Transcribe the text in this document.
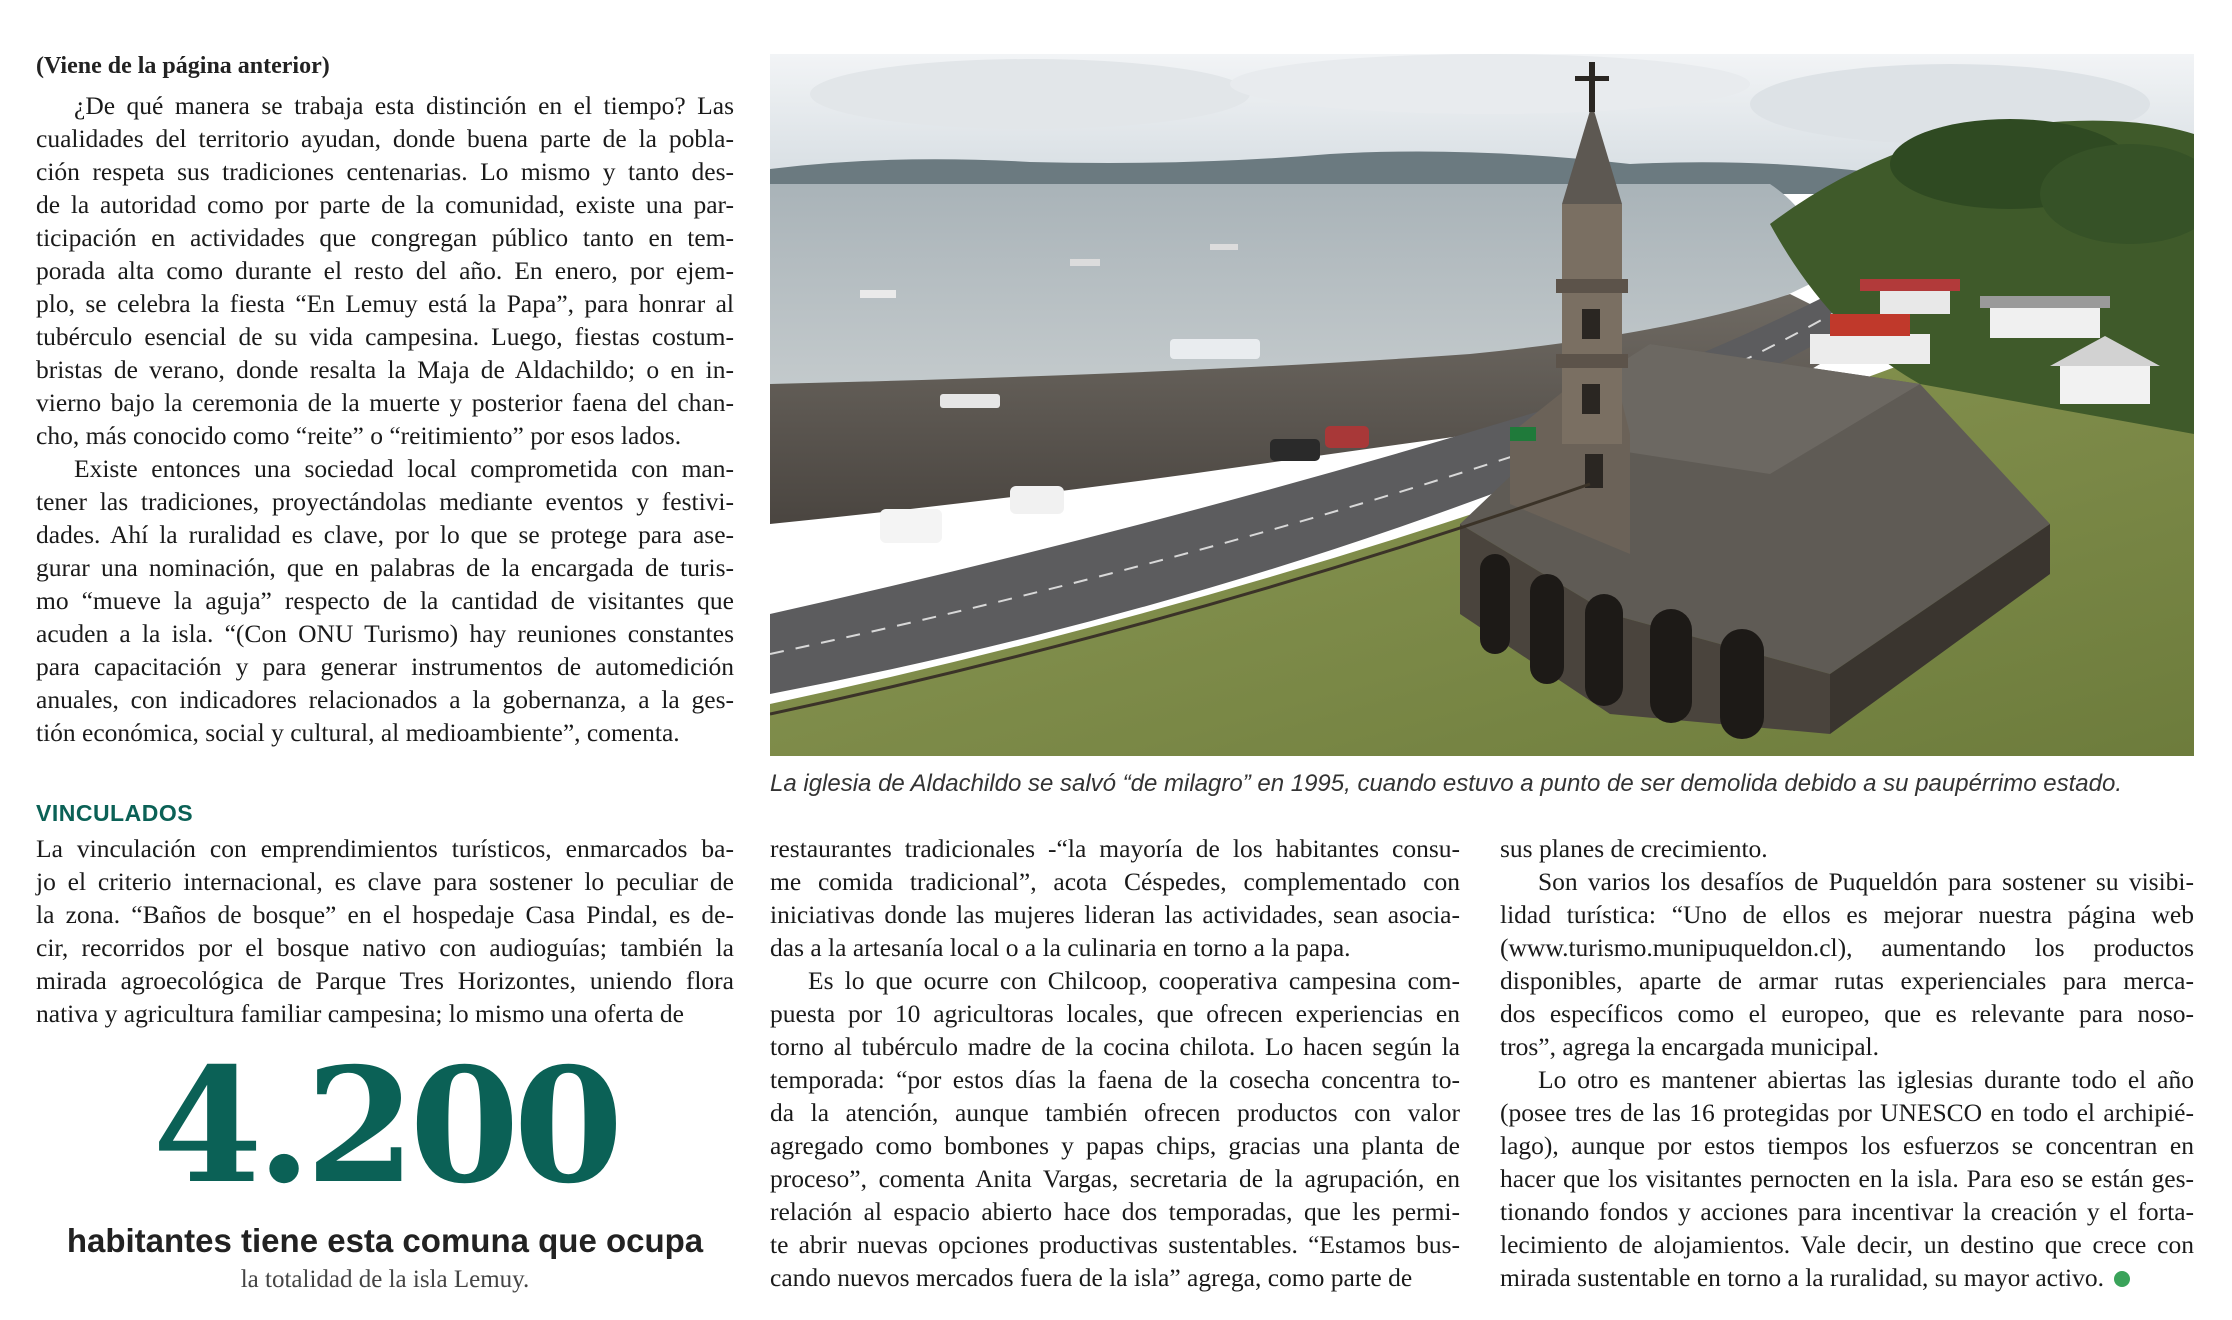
(Viene de la página anterior)

¿De qué manera se trabaja esta distinción en el tiempo? Las
cualidades del territorio ayudan, donde buena parte de la pobla-
ción respeta sus tradiciones centenarias. Lo mismo y tanto des-
de la autoridad como por parte de la comunidad, existe una par-
ticipación en actividades que congregan público tanto en tem-
porada alta como durante el resto del año. En enero, por ejem-
plo, se celebra la fiesta “En Lemuy está la Papa”, para honrar al
tubérculo esencial de su vida campesina. Luego, fiestas costum-
bristas de verano, donde resalta la Maja de Aldachildo; o en in-
vierno bajo la ceremonia de la muerte y posterior faena del chan-
cho, más conocido como “reite” o “reitimiento” por esos lados.

Existe entonces una sociedad local comprometida con man-
tener las tradiciones, proyectándolas mediante eventos y festivi-
dades. Ahí la ruralidad es clave, por lo que se protege para ase-
gurar una nominación, que en palabras de la encargada de turis-
mo “mueve la aguja” respecto de la cantidad de visitantes que
acuden a la isla. “(Con ONU Turismo) hay reuniones constantes
para capacitación y para generar instrumentos de automedición
anuales, con indicadores relacionados a la gobernanza, a la ges-
tión económica, social y cultural, al medioambiente”, comenta.

VINCULADOS

La vinculación con emprendimientos turísticos, enmarcados ba-
jo el criterio internacional, es clave para sostener lo peculiar de
la zona. “Baños de bosque” en el hospedaje Casa Pindal, es de-
cir, recorridos por el bosque nativo con audioguías; también la
mirada agroecológica de Parque Tres Horizontes, uniendo flora
nativa y agricultura familiar campesina; lo mismo una oferta de

4.200
habitantes tiene esta comuna que ocupa
la totalidad de la isla Lemuy.
La iglesia de Aldachildo se salvó “de milagro” en 1995, cuando estuvo a punto de ser demolida debido a su paupérrimo estado.

restaurantes tradicionales -“la mayoría de los habitantes consu-
me comida tradicional”, acota Céspedes, complementado con
iniciativas donde las mujeres lideran las actividades, sean asocia-
das a la artesanía local o a la culinaria en torno a la papa.

Es lo que ocurre con Chilcoop, cooperativa campesina com-
puesta por 10 agricultoras locales, que ofrecen experiencias en
torno al tubérculo madre de la cocina chilota. Lo hacen según la
temporada: “por estos días la faena de la cosecha concentra to-
da la atención, aunque también ofrecen productos con valor
agregado como bombones y papas chips, gracias una planta de
proceso”, comenta Anita Vargas, secretaria de la agrupación, en
relación al espacio abierto hace dos temporadas, que les permi-
te abrir nuevas opciones productivas sustentables. “Estamos bus-
cando nuevos mercados fuera de la isla” agrega, como parte de

sus planes de crecimiento.

Son varios los desafíos de Puqueldón para sostener su visibi-
lidad turística: “Uno de ellos es mejorar nuestra página web
(www.turismo.munipuqueldon.cl), aumentando los productos
disponibles, aparte de armar rutas experienciales para merca-
dos específicos como el europeo, que es relevante para noso-
tros”, agrega la encargada municipal.

Lo otro es mantener abiertas las iglesias durante todo el año
(posee tres de las 16 protegidas por UNESCO en todo el archipié-
lago), aunque por estos tiempos los esfuerzos se concentran en
hacer que los visitantes pernocten en la isla. Para eso se están ges-
tionando fondos y acciones para incentivar la creación y el forta-
lecimiento de alojamientos. Vale decir, un destino que crece con
mirada sustentable en torno a la ruralidad, su mayor activo.
